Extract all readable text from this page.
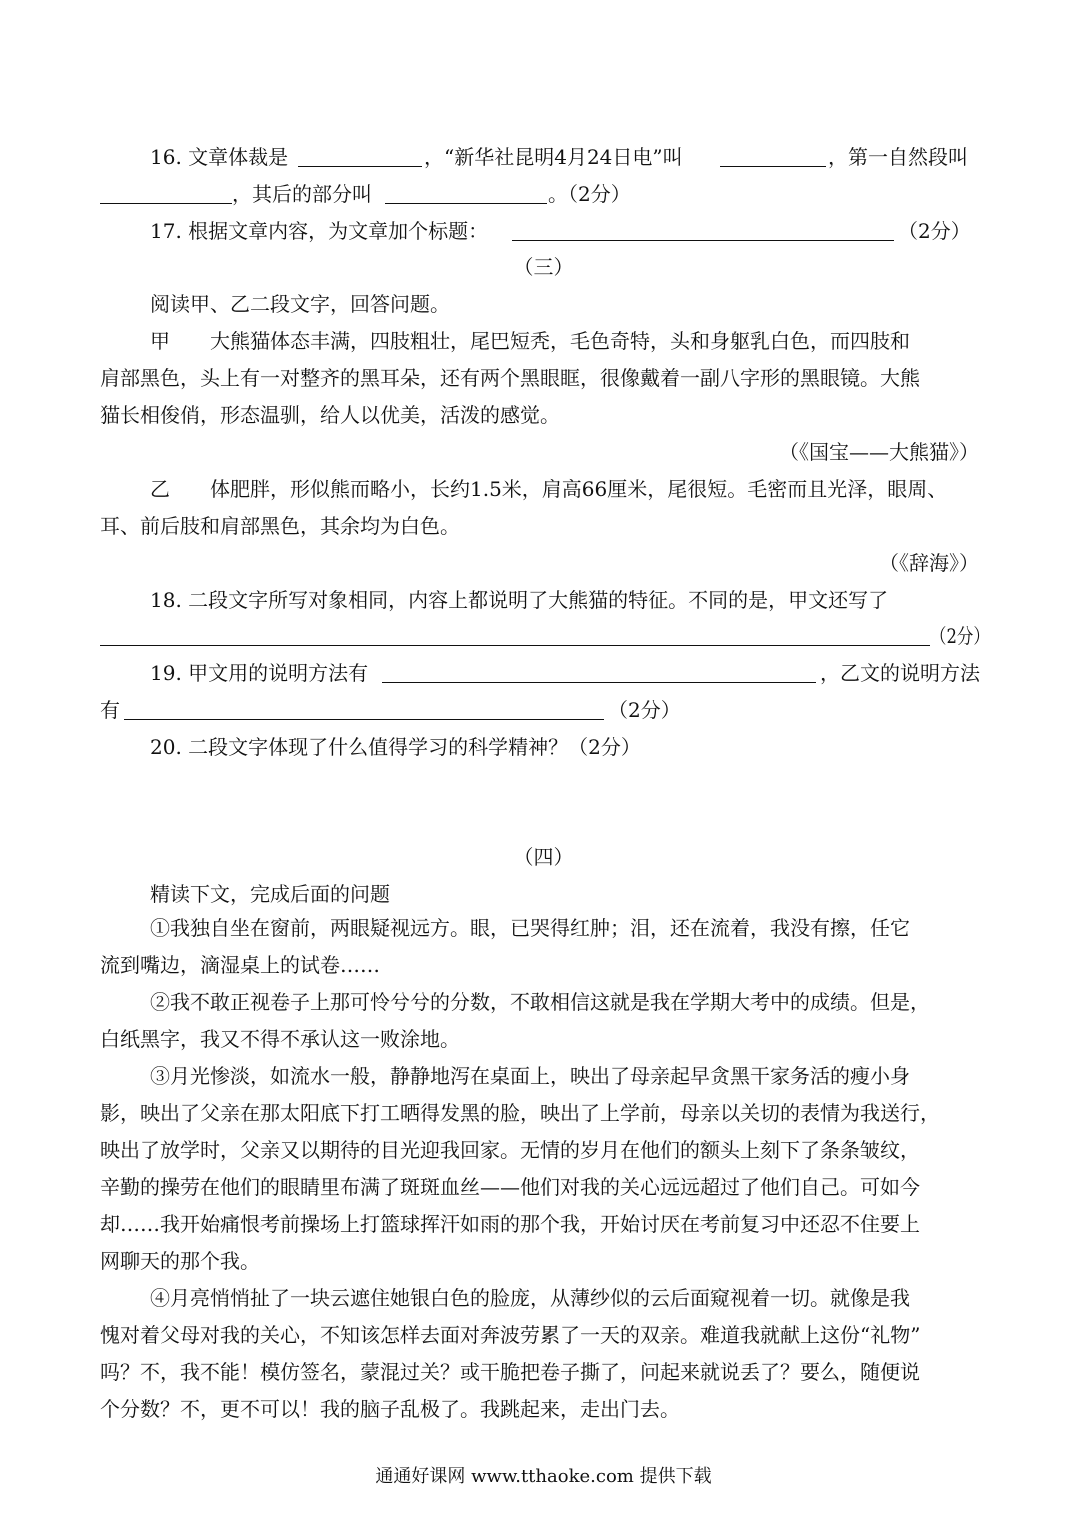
16. 文章体裁是	，“新华社昆明4月24日电”叫	，第一自然段叫
，其后的部分叫	。（2分）
17. 根据文章内容，为文章加个标题：	（2分）
（三）
阅读甲、乙二段文字，回答问题。
甲　　大熊猫体态丰满，四肢粗壮，尾巴短秃，毛色奇特，头和身躯乳白色，而四肢和
肩部黑色，头上有一对整齐的黑耳朵，还有两个黑眼眶，很像戴着一副八字形的黑眼镜。大熊
猫长相俊俏，形态温驯，给人以优美，活泼的感觉。
（《国宝——大熊猫》）
乙　　体肥胖，形似熊而略小，长约1.5米，肩高66厘米，尾很短。毛密而且光泽，眼周、
耳、前后肢和肩部黑色，其余均为白色。
（《辞海》）
18. 二段文字所写对象相同，内容上都说明了大熊猫的特征。不同的是，甲文还写了
（2分）
19. 甲文用的说明方法有	，乙文的说明方法
有	（2分）
20. 二段文字体现了什么值得学习的科学精神？（2分）
（四）
精读下文，完成后面的问题
①我独自坐在窗前，两眼疑视远方。眼，已哭得红肿；泪，还在流着，我没有擦，任它
流到嘴边，滴湿桌上的试卷……
②我不敢正视卷子上那可怜兮兮的分数，不敢相信这就是我在学期大考中的成绩。但是，
白纸黑字，我又不得不承认这一败涂地。
③月光惨淡，如流水一般，静静地泻在桌面上，映出了母亲起早贪黑干家务活的瘦小身
影，映出了父亲在那太阳底下打工晒得发黑的脸，映出了上学前，母亲以关切的表情为我送行，
映出了放学时，父亲又以期待的目光迎我回家。无情的岁月在他们的额头上刻下了条条皱纹，
辛勤的操劳在他们的眼睛里布满了斑斑血丝——他们对我的关心远远超过了他们自己。可如今
却……我开始痛恨考前操场上打篮球挥汗如雨的那个我，开始讨厌在考前复习中还忍不住要上
网聊天的那个我。
④月亮悄悄扯了一块云遮住她银白色的脸庞，从薄纱似的云后面窥视着一切。就像是我
愧对着父母对我的关心，不知该怎样去面对奔波劳累了一天的双亲。难道我就献上这份“礼物”
吗？不，我不能！模仿签名，蒙混过关？或干脆把卷子撕了，问起来就说丢了？要么，随便说
个分数？不，更不可以！我的脑子乱极了。我跳起来，走出门去。
通通好课网 www.tthaoke.com 提供下载
